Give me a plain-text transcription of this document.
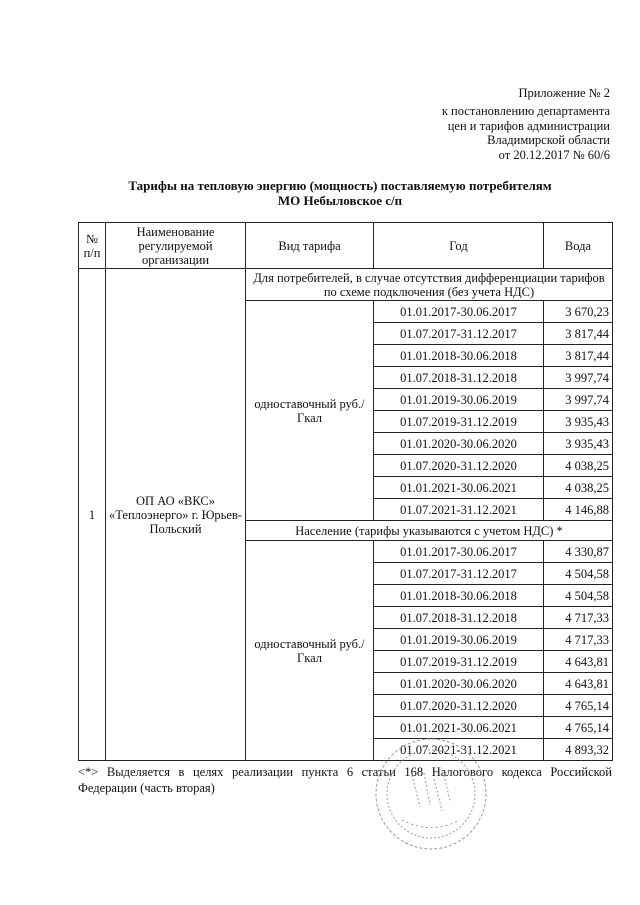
Приложение № 2
к постановлению департамента
цен и тарифов администрации
Владимирской области
от 20.12.2017 № 60/6
Тарифы на тепловую энергию (мощность) поставляемую потребителям
МО Небыловское с/п
№ п/п	Наименование регулируемой организации	Вид тарифа	Год	Вода
1	ОП АО «ВКС» «Теплоэнерго» г. Юрьев-Польский	Для потребителей, в случае отсутствия дифференциации тарифов по схеме подключения (без учета НДС)		
		одноставочный руб./Гкал	01.01.2017-30.06.2017	3 670,23
			01.07.2017-31.12.2017	3 817,44
			01.01.2018-30.06.2018	3 817,44
			01.07.2018-31.12.2018	3 997,74
			01.01.2019-30.06.2019	3 997,74
			01.07.2019-31.12.2019	3 935,43
			01.01.2020-30.06.2020	3 935,43
			01.07.2020-31.12.2020	4 038,25
			01.01.2021-30.06.2021	4 038,25
			01.07.2021-31.12.2021	4 146,88
		Население (тарифы указываются с учетом НДС) *		
		одноставочный руб./Гкал	01.01.2017-30.06.2017	4 330,87
			01.07.2017-31.12.2017	4 504,58
			01.01.2018-30.06.2018	4 504,58
			01.07.2018-31.12.2018	4 717,33
			01.01.2019-30.06.2019	4 717,33
			01.07.2019-31.12.2019	4 643,81
			01.01.2020-30.06.2020	4 643,81
			01.07.2020-31.12.2020	4 765,14
			01.01.2021-30.06.2021	4 765,14
			01.07.2021-31.12.2021	4 893,32
<*> Выделяется в целях реализации пункта 6 статьи 168 Налогового кодекса Российской Федерации (часть вторая)
